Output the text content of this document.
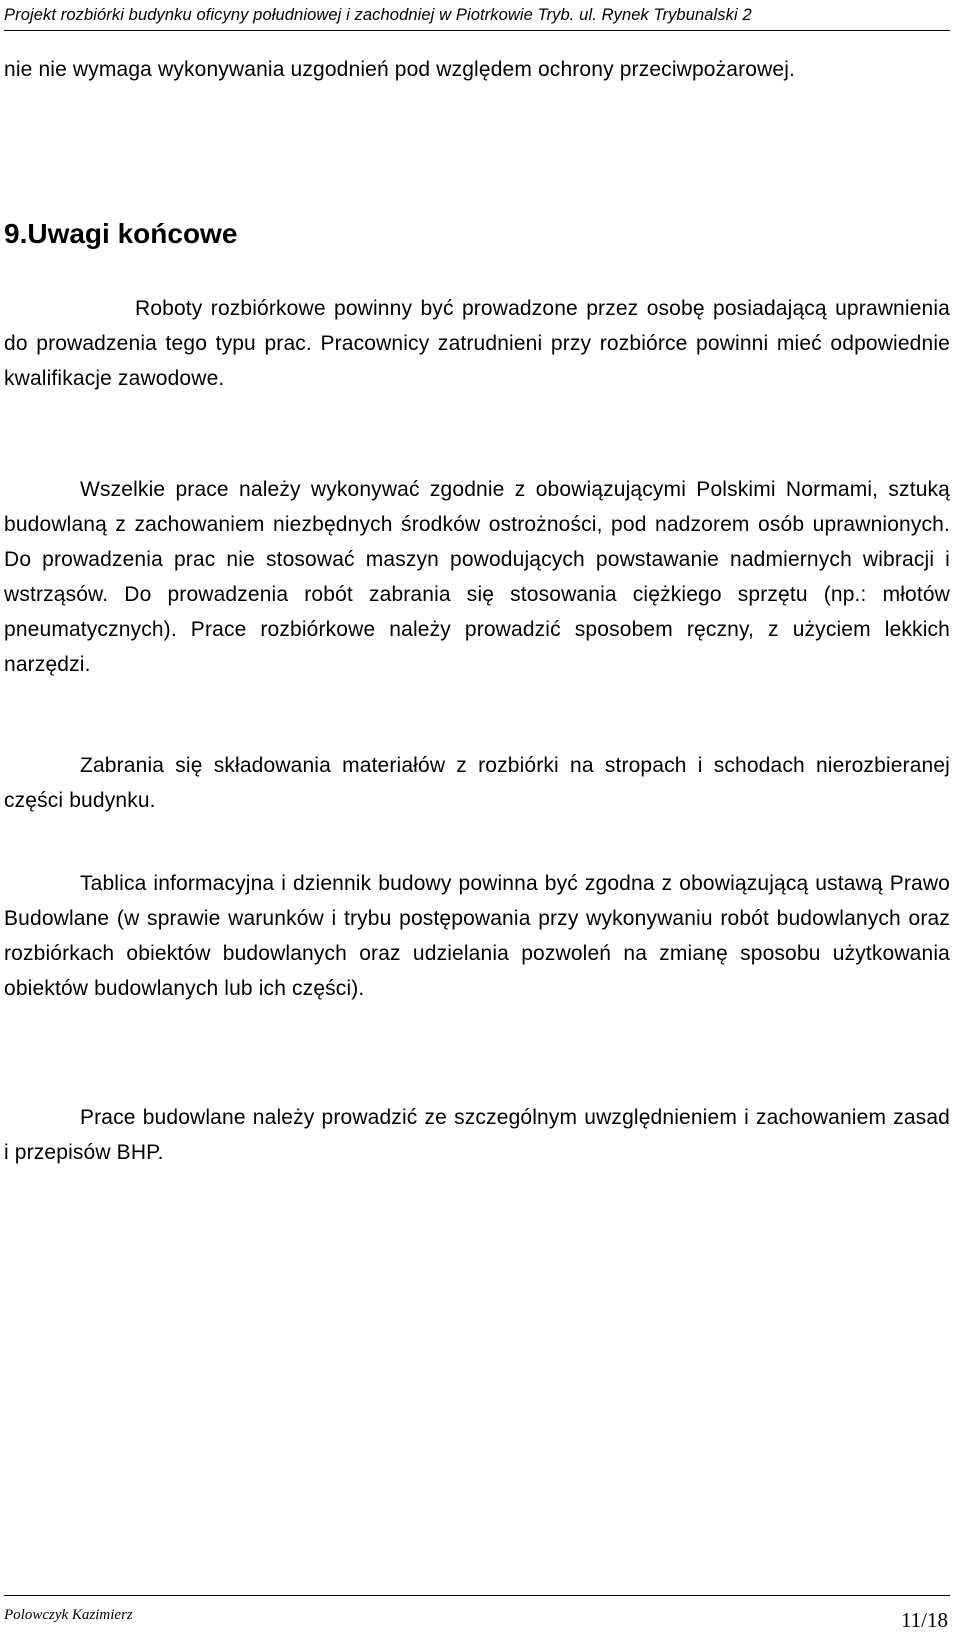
Projekt rozbiórki budynku oficyny południowej i zachodniej w Piotrkowie Tryb. ul. Rynek Trybunalski 2
nie nie wymaga wykonywania uzgodnień pod względem ochrony przeciwpożarowej.
9.Uwagi końcowe
Roboty rozbiórkowe powinny być prowadzone przez osobę posiadającą uprawnienia do prowadzenia tego typu prac. Pracownicy zatrudnieni przy rozbiórce powinni mieć odpowiednie kwalifikacje zawodowe.
Wszelkie prace należy wykonywać zgodnie z obowiązującymi Polskimi Normami, sztuką budowlaną z zachowaniem niezbędnych środków ostrożności, pod nadzorem osób uprawnionych. Do prowadzenia prac nie stosować maszyn powodujących powstawanie nadmiernych wibracji i wstrząsów. Do prowadzenia robót zabrania się stosowania ciężkiego sprzętu (np.: młotów pneumatycznych). Prace rozbiórkowe należy prowadzić sposobem ręczny, z użyciem lekkich narzędzi.
Zabrania się składowania materiałów z rozbiórki na stropach i schodach nierozbieranej części budynku.
Tablica informacyjna i dziennik budowy powinna być zgodna z obowiązującą ustawą Prawo Budowlane (w sprawie warunków i trybu postępowania przy wykonywaniu robót budowlanych oraz rozbiórkach obiektów budowlanych oraz udzielania pozwoleń na zmianę sposobu użytkowania obiektów budowlanych lub ich części).
Prace budowlane należy prowadzić ze szczególnym uwzględnieniem i zachowaniem zasad i przepisów BHP.
Polowczyk Kazimierz	11/18
